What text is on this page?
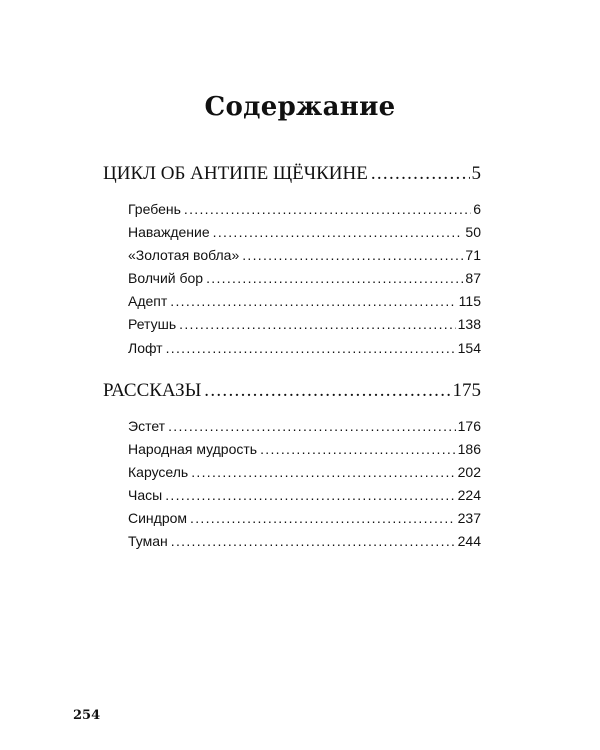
Содержание
ЦИКЛ ОБ АНТИПЕ ЩЁЧКИНЕ .....	5
Гребень .....	6
Наваждение .....	50
«Золотая вобла» .....	71
Волчий бор .....	87
Адепт .....	115
Ретушь .....	138
Лофт .....	154
РАССКАЗЫ .....	175
Эстет .....	176
Народная мудрость .....	186
Карусель .....	202
Часы .....	224
Синдром .....	237
Туман .....	244
254
